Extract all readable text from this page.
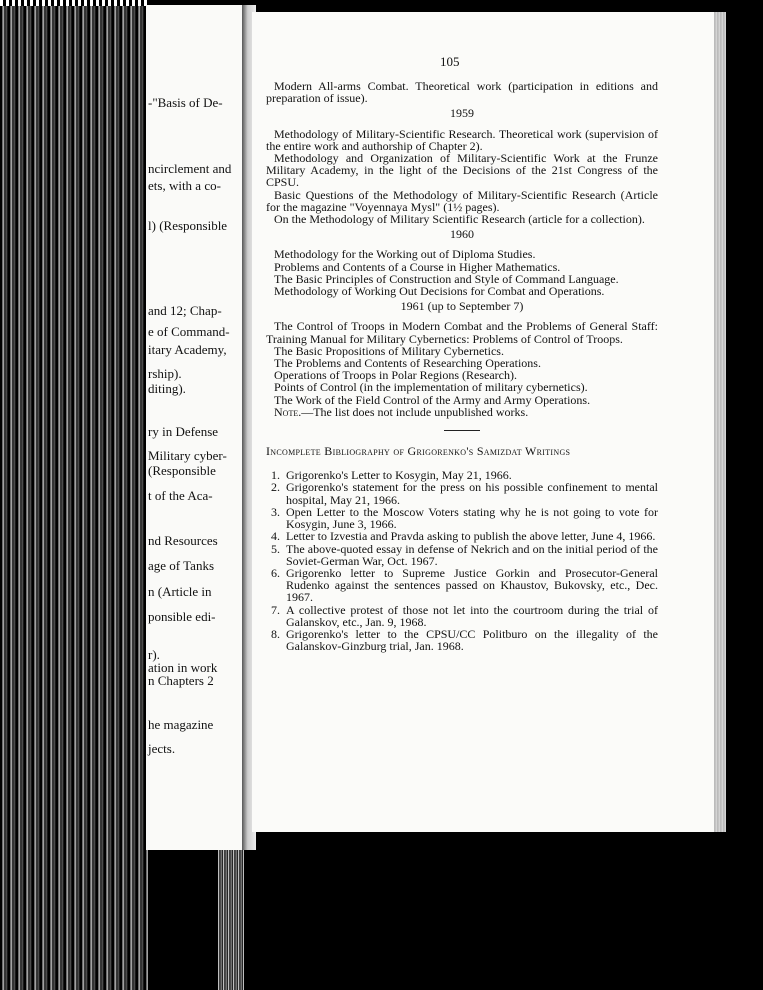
-"Basis of De-
ncirclement and
ets, with a co-
l) (Responsible
and 12; Chap-
e of Command-
itary Academy,
rship).
diting).
ry in Defense
Military cyber-
(Responsible
t of the Aca-
nd Resources
age of Tanks
n (Article in
ponsible edi-
r).
ation in work
n Chapters 2
he magazine
jects.
105

Modern All-arms Combat. Theoretical work (participation in editions and preparation of issue).

1959

Methodology of Military-Scientific Research. Theoretical work (supervision of the entire work and authorship of Chapter 2).

Methodology and Organization of Military-Scientific Work at the Frunze Military Academy, in the light of the Decisions of the 21st Congress of the CPSU.

Basic Questions of the Methodology of Military-Scientific Research (Article for the magazine "Voyennaya Mysl" (1½ pages).

On the Methodology of Military Scientific Research (article for a collection).

1960

Methodology for the Working out of Diploma Studies.

Problems and Contents of a Course in Higher Mathematics.

The Basic Principles of Construction and Style of Command Language.

Methodology of Working Out Decisions for Combat and Operations.

1961 (up to September 7)

The Control of Troops in Modern Combat and the Problems of General Staff: Training Manual for Military Cybernetics: Problems of Control of Troops.

The Basic Propositions of Military Cybernetics.

The Problems and Contents of Researching Operations.

Operations of Troops in Polar Regions (Research).

Points of Control (in the implementation of military cybernetics).

The Work of the Field Control of the Army and Army Operations.

Note.—The list does not include unpublished works.

Incomplete Bibliography of Grigorenko's Samizdat Writings

1. Grigorenko's Letter to Kosygin, May 21, 1966.

2. Grigorenko's statement for the press on his possible confinement to mental hospital, May 21, 1966.

3. Open Letter to the Moscow Voters stating why he is not going to vote for Kosygin, June 3, 1966.

4. Letter to Izvestia and Pravda asking to publish the above letter, June 4, 1966.

5. The above-quoted essay in defense of Nekrich and on the initial period of the Soviet-German War, Oct. 1967.

6. Grigorenko letter to Supreme Justice Gorkin and Prosecutor-General Rudenko against the sentences passed on Khaustov, Bukovsky, etc., Dec. 1967.

7. A collective protest of those not let into the courtroom during the trial of Galanskov, etc., Jan. 9, 1968.

8. Grigorenko's letter to the CPSU/CC Politburo on the illegality of the Galanskov-Ginzburg trial, Jan. 1968.
